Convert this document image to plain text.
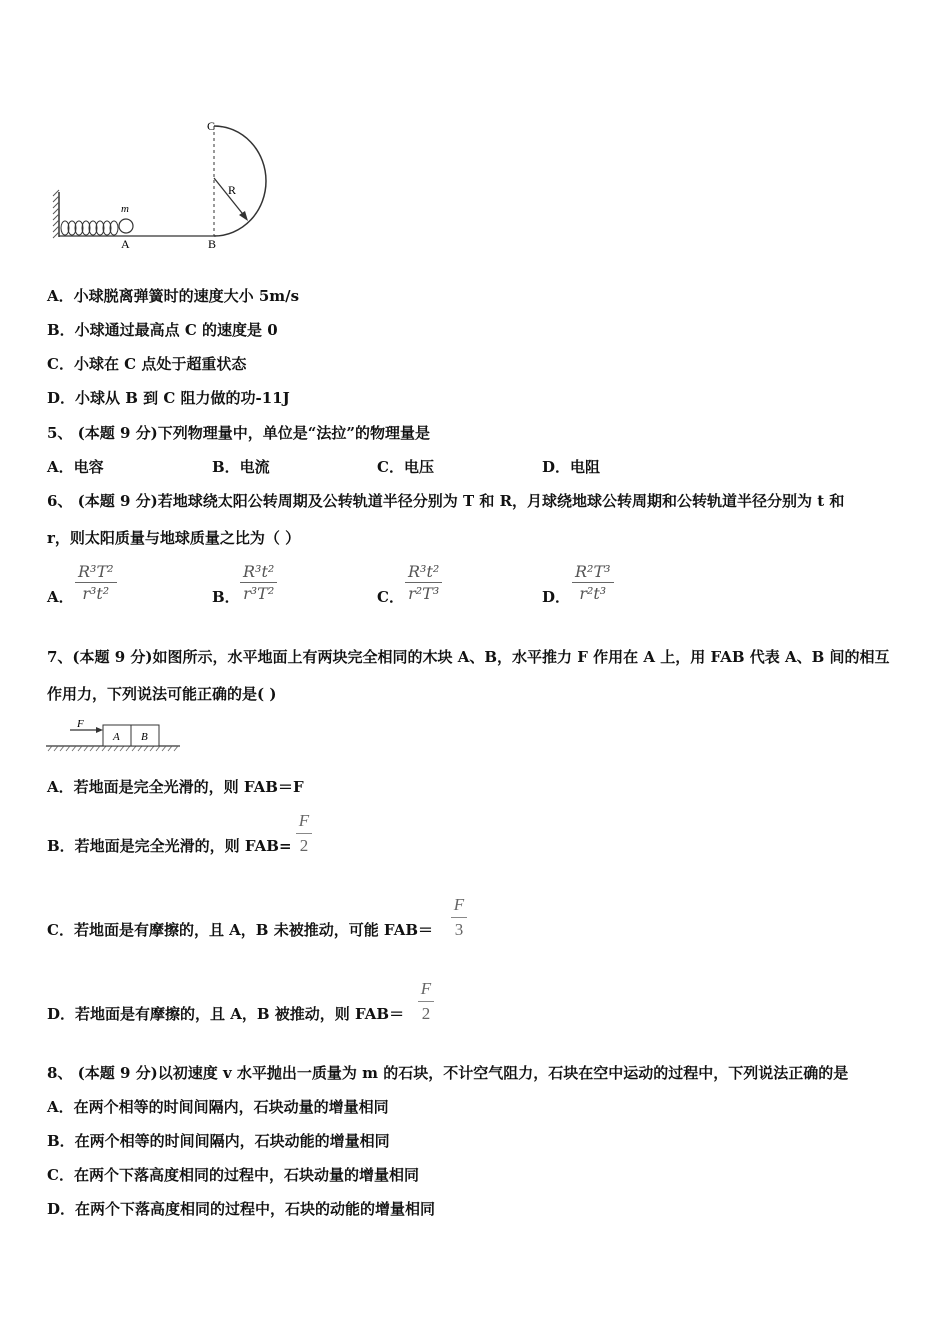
m
A	B
C
R
A．小球脱离弹簧时的速度大小 5m/s
B．小球通过最高点 C 的速度是 0
C．小球在 C 点处于超重状态
D．小球从 B 到 C 阻力做的功-11J
5、 (本题 9 分)下列物理量中，单位是“法拉”的物理量是
A．电容	B．电流	C．电压	D．电阻
6、 (本题 9 分)若地球绕太阳公转周期及公转轨道半径分别为 T 和 R，月球绕地球公转周期和公转轨道半径分别为 t 和
r，则太阳质量与地球质量之比为（ ）
A．
R³T²
r³t²	B．
R³t²
r³T²	C．
R³t²
r²T³	D．
R²T³
r²t³
7、(本题 9 分)如图所示，水平地面上有两块完全相同的木块 A、B，水平推力 F 作用在 A 上，用 FAB 代表 A、B 间的相互
作用力，下列说法可能正确的是( )
F
A B
A．若地面是完全光滑的，则 FAB＝F
B．若地面是完全光滑的，则 FAB=
F
2
C．若地面是有摩擦的，且 A，B 未被推动，可能 FAB＝
F
3
D．若地面是有摩擦的，且 A，B 被推动，则 FAB＝
F
2
8、 (本题 9 分)以初速度 v 水平抛出一质量为 m 的石块，不计空气阻力，石块在空中运动的过程中，下列说法正确的是
A．在两个相等的时间间隔内，石块动量的增量相同
B．在两个相等的时间间隔内，石块动能的增量相同
C．在两个下落高度相同的过程中，石块动量的增量相同
D．在两个下落高度相同的过程中，石块的动能的增量相同
